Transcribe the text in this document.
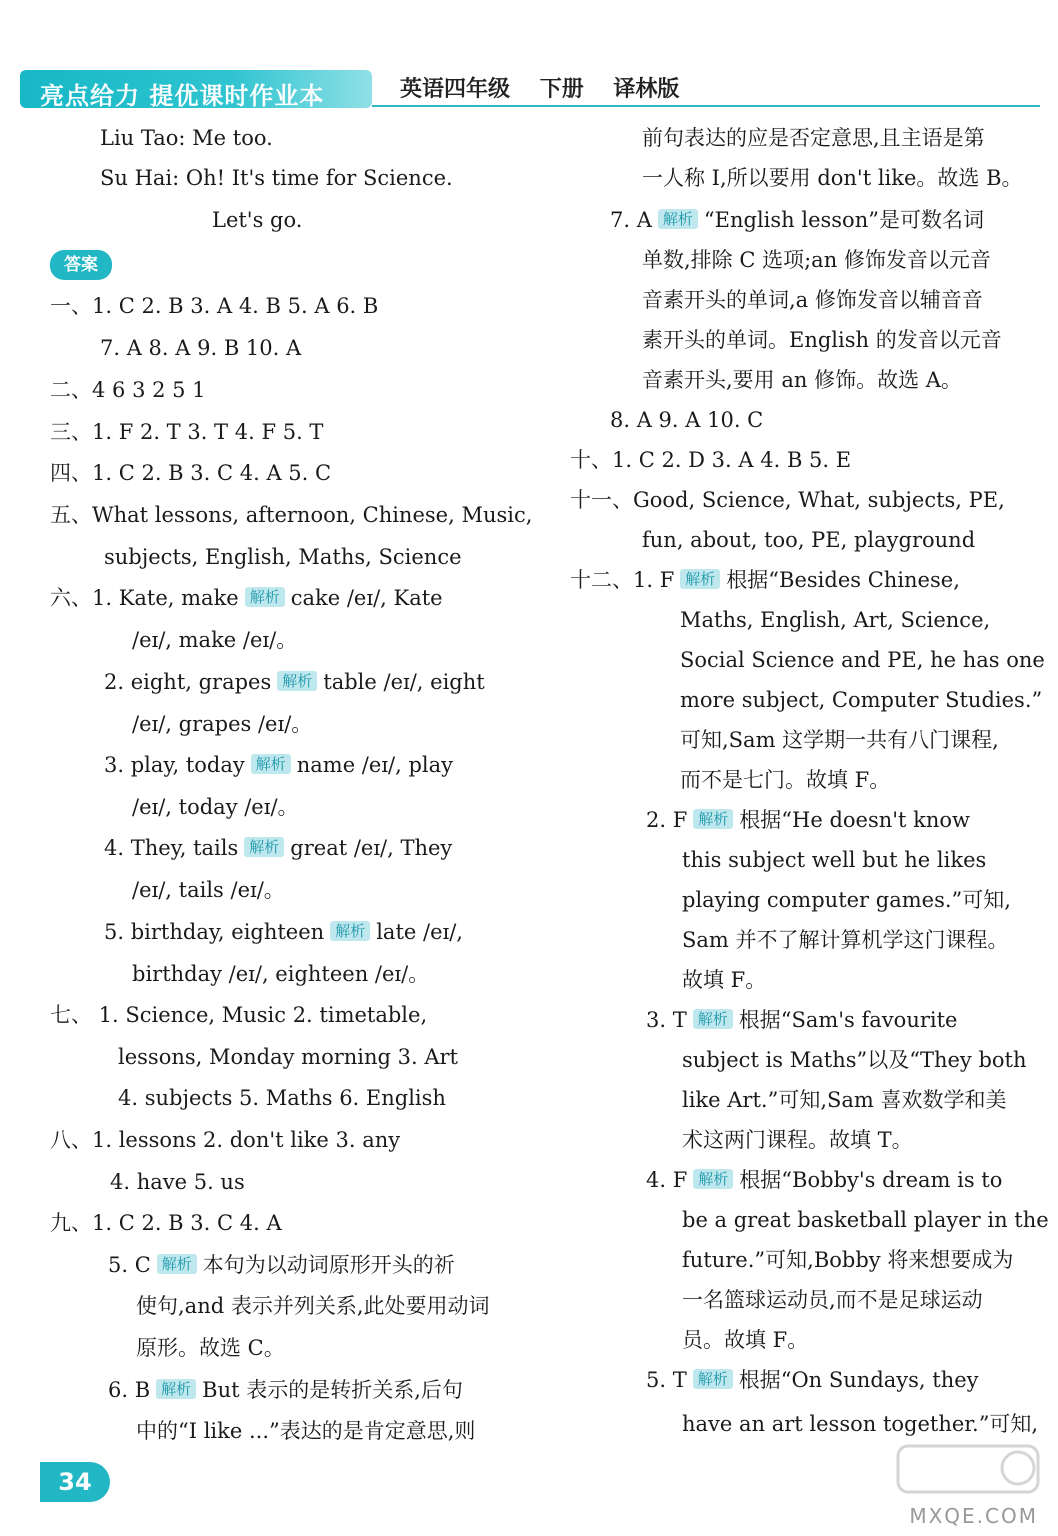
亮点给力 提优课时作业本	英语四年级 下册 译林版
答案
Liu Tao: Me too.
Su Hai: Oh! It's time for Science.
Let's go.
一、1. C 2. B 3. A 4. B 5. A 6. B
7. A 8. A 9. B 10. A
二、4 6 3 2 5 1
三、1. F 2. T 3. T 4. F 5. T
四、1. C 2. B 3. C 4. A 5. C
五、What lessons, afternoon, Chinese, Music,
subjects, English, Maths, Science
六、1. Kate, make 解析 cake /eɪ/, Kate
/eɪ/, make /eɪ/。
2. eight, grapes 解析 table /eɪ/, eight
/eɪ/, grapes /eɪ/。
3. play, today 解析 name /eɪ/, play
/eɪ/, today /eɪ/。
4. They, tails 解析 great /eɪ/, They
/eɪ/, tails /eɪ/。
5. birthday, eighteen 解析 late /eɪ/,
birthday /eɪ/, eighteen /eɪ/。
七、 1. Science, Music 2. timetable,
lessons, Monday morning 3. Art
4. subjects 5. Maths 6. English
八、1. lessons 2. don't like 3. any
4. have 5. us
九、1. C 2. B 3. C 4. A
5. C 解析 本句为以动词原形开头的祈
使句,and 表示并列关系,此处要用动词
原形。故选 C。
6. B 解析 But 表示的是转折关系,后句
中的“I like ...”表达的是肯定意思,则
前句表达的应是否定意思,且主语是第
一人称 I,所以要用 don't like。故选 B。
7. A 解析 “English lesson”是可数名词
单数,排除 C 选项;an 修饰发音以元音
音素开头的单词,a 修饰发音以辅音音
素开头的单词。English 的发音以元音
音素开头,要用 an 修饰。故选 A。
8. A 9. A 10. C
十、1. C 2. D 3. A 4. B 5. E
十一、Good, Science, What, subjects, PE,
fun, about, too, PE, playground
十二、1. F 解析 根据“Besides Chinese,
Maths, English, Art, Science,
Social Science and PE, he has one
more subject, Computer Studies.”
可知,Sam 这学期一共有八门课程,
而不是七门。故填 F。
2. F 解析 根据“He doesn't know
this subject well but he likes
playing computer games.”可知,
Sam 并不了解计算机学这门课程。
故填 F。
3. T 解析 根据“Sam's favourite
subject is Maths”以及“They both
like Art.”可知,Sam 喜欢数学和美
术这两门课程。故填 T。
4. F 解析 根据“Bobby's dream is to
be a great basketball player in the
future.”可知,Bobby 将来想要成为
一名篮球运动员,而不是足球运动
员。故填 F。
5. T 解析 根据“On Sundays, they
have an art lesson together.”可知,
34
MXQE.COM
